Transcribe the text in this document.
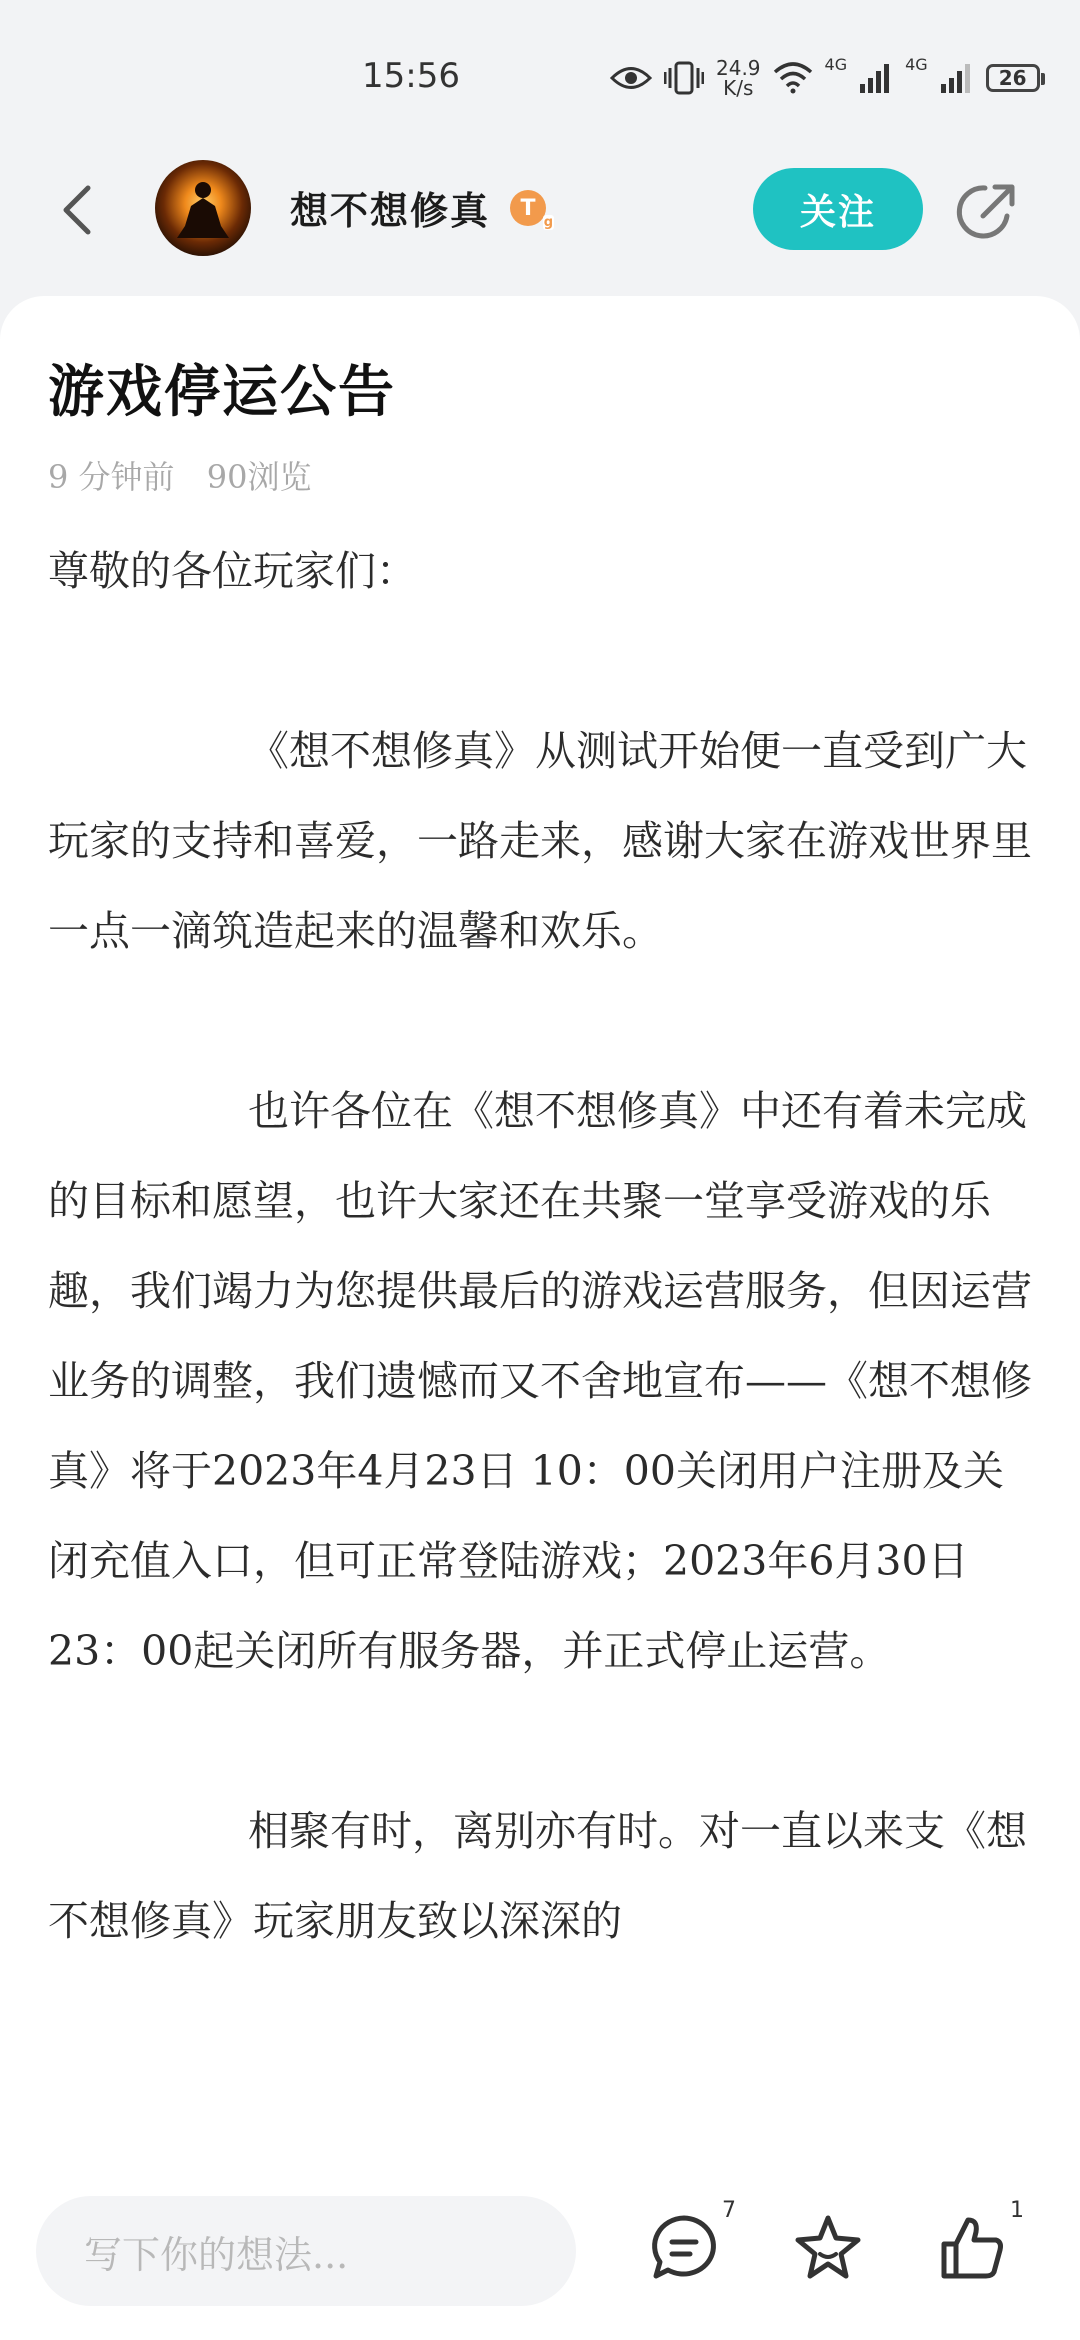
15:56	24.9
K/s
4G	4G
26
想不想修真 T
g	关注
游戏停运公告
9 分钟前 90浏览

尊敬的各位玩家们：

《想不想修真》从测试开始便一直受到广大玩家的支持和喜爱，一路走来，感谢大家在游戏世界里一点一滴筑造起来的温馨和欢乐。

也许各位在《想不想修真》中还有着未完成的目标和愿望，也许大家还在共聚一堂享受游戏的乐趣，我们竭力为您提供最后的游戏运营服务，但因运营业务的调整，我们遗憾而又不舍地宣布——《想不想修真》将于2023年4月23日 10：00关闭用户注册及关闭充值入口，但可正常登陆游戏；2023年6月30日23：00起关闭所有服务器，并正式停止运营。

相聚有时，离别亦有时。对一直以来支《想不想修真》玩家朋友致以深深的

写下你的想法...
7	1
